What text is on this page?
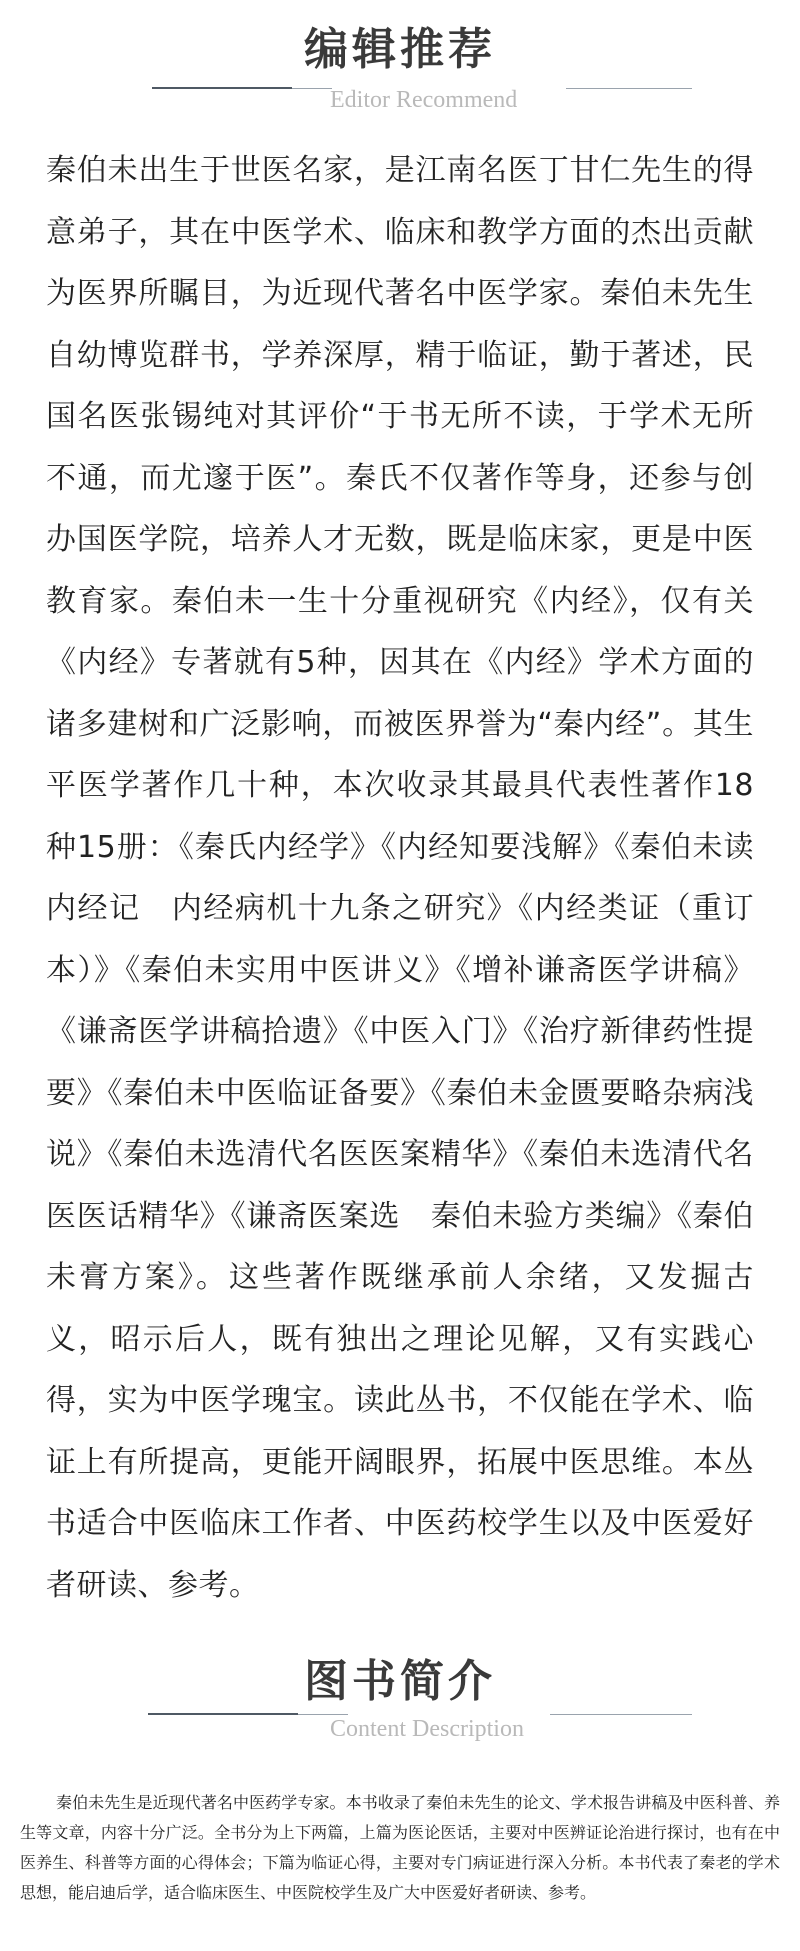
编辑推荐
Editor Recommend

秦伯未出生于世医名家，是江南名医丁甘仁先生的得意弟子，其在中医学术、临床和教学方面的杰出贡献为医界所瞩目，为近现代著名中医学家。秦伯未先生自幼博览群书，学养深厚，精于临证，勤于著述，民国名医张锡纯对其评价“于书无所不读，于学术无所不通，而尤邃于医”。秦氏不仅著作等身，还参与创办国医学院，培养人才无数，既是临床家，更是中医教育家。秦伯未一生十分重视研究《内经》，仅有关《内经》专著就有5种，因其在《内经》学术方面的诸多建树和广泛影响，而被医界誉为“秦内经”。其生平医学著作几十种，本次收录其最具代表性著作18种15册：《秦氏内经学》《内经知要浅解》《秦伯未读内经记　内经病机十九条之研究》《内经类证（重订本）》《秦伯未实用中医讲义》《增补谦斋医学讲稿》《谦斋医学讲稿拾遗》《中医入门》《治疗新律药性提要》《秦伯未中医临证备要》《秦伯未金匮要略杂病浅说》《秦伯未选清代名医医案精华》《秦伯未选清代名医医话精华》《谦斋医案选　秦伯未验方类编》《秦伯未膏方案》。这些著作既继承前人余绪，又发掘古义，昭示后人，既有独出之理论见解，又有实践心得，实为中医学瑰宝。读此丛书，不仅能在学术、临证上有所提高，更能开阔眼界，拓展中医思维。本丛书适合中医临床工作者、中医药校学生以及中医爱好者研读、参考。

图书简介
Content Description

秦伯未先生是近现代著名中医药学专家。本书收录了秦伯未先生的论文、学术报告讲稿及中医科普、养生等文章，内容十分广泛。全书分为上下两篇，上篇为医论医话，主要对中医辨证论治进行探讨，也有在中医养生、科普等方面的心得体会；下篇为临证心得，主要对专门病证进行深入分析。本书代表了秦老的学术思想，能启迪后学，适合临床医生、中医院校学生及广大中医爱好者研读、参考。
